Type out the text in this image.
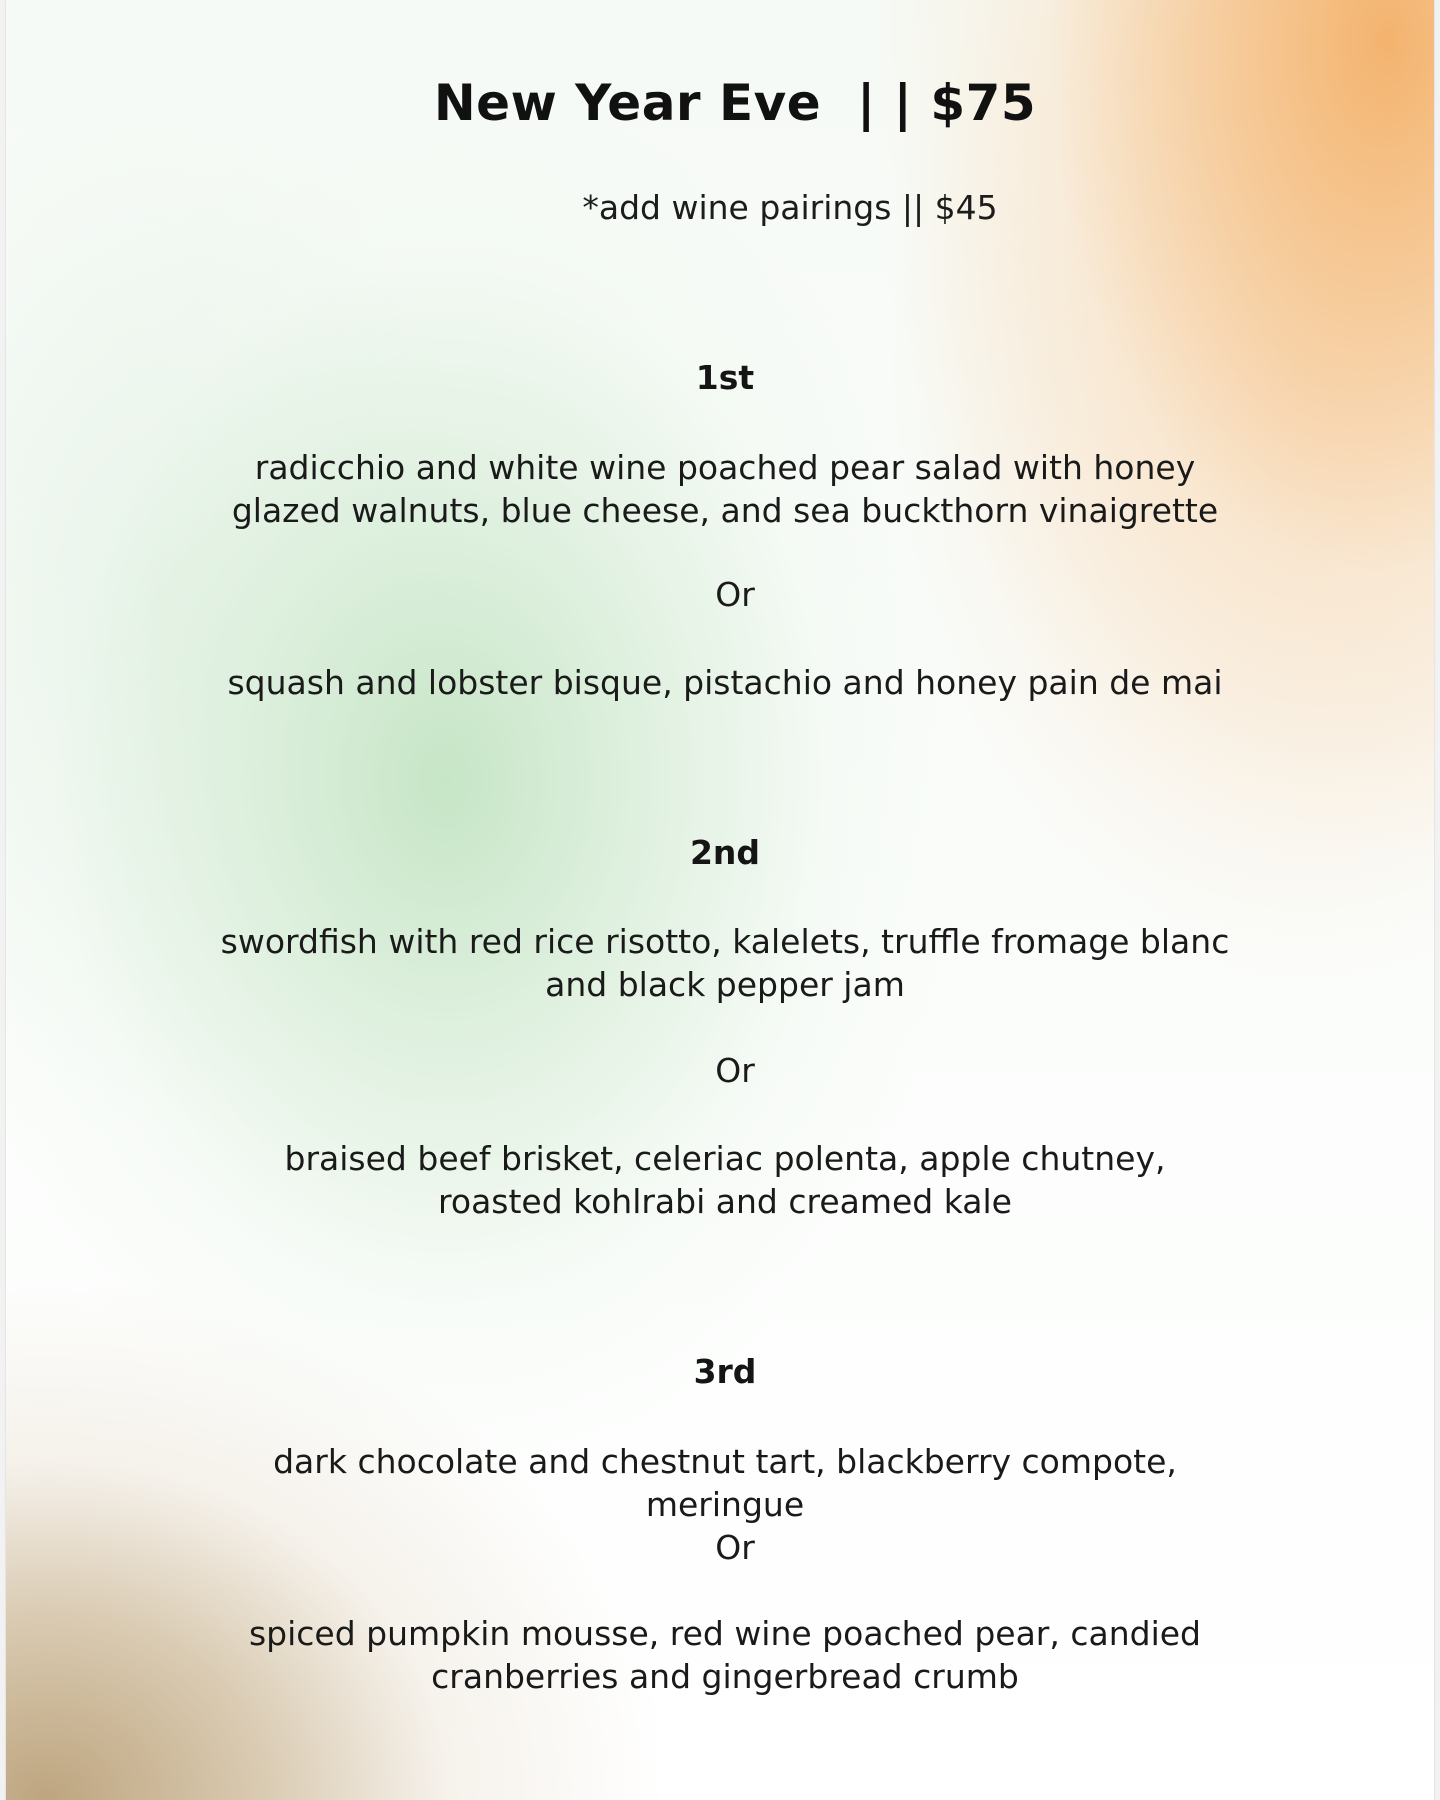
New Year Eve  | | $75
*add wine pairings || $45
1st
radicchio and white wine poached pear salad with honey glazed walnuts, blue cheese, and sea buckthorn vinaigrette
Or
squash and lobster bisque, pistachio and honey pain de mai
2nd
swordfish with red rice risotto, kalelets, truffle fromage blanc and black pepper jam
Or
braised beef brisket, celeriac polenta, apple chutney, roasted kohlrabi and creamed kale
3rd
dark chocolate and chestnut tart, blackberry compote, meringue
Or
spiced pumpkin mousse, red wine poached pear, candied cranberries and gingerbread crumb
